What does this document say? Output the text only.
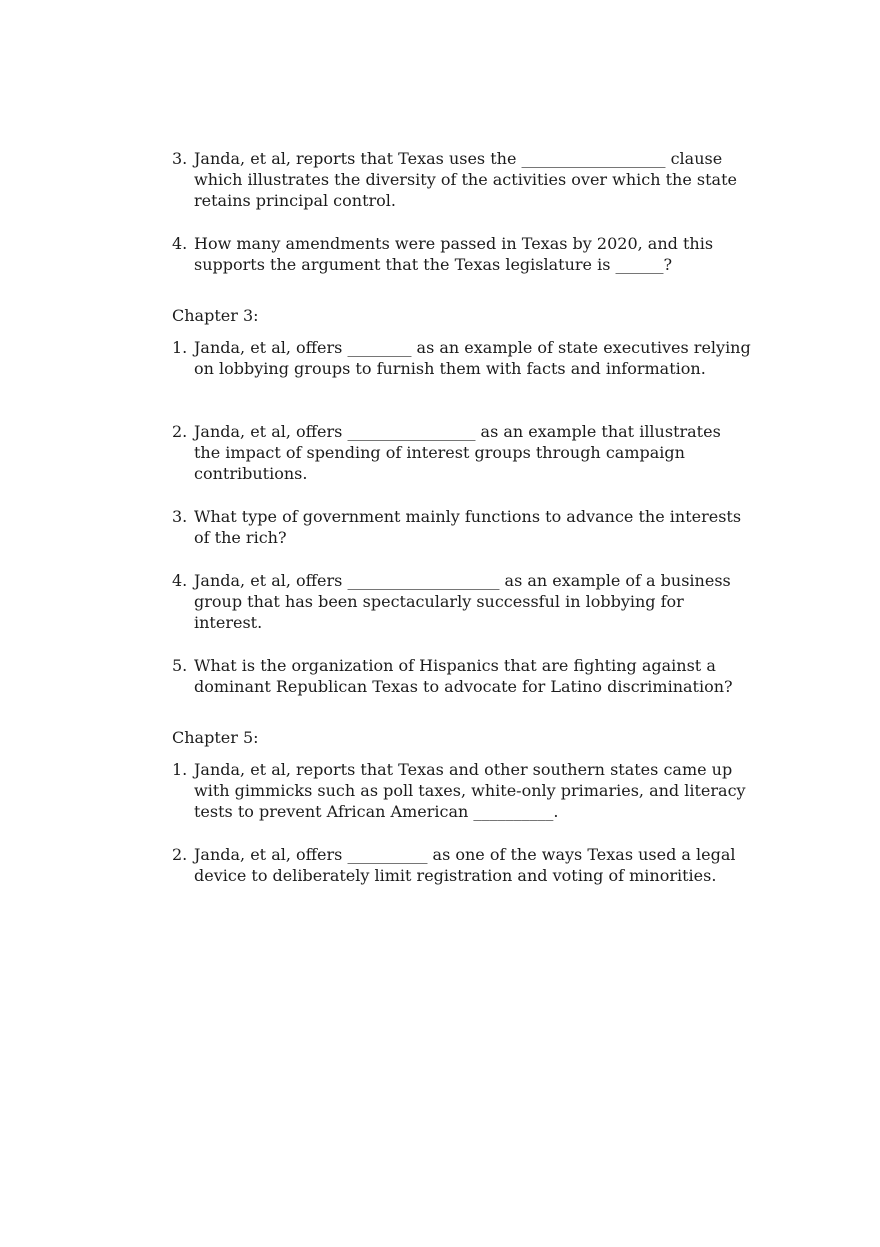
3. Janda, et al, reports that Texas uses the __________________ clause which illustrates the diversity of the activities over which the state retains principal control.
4. How many amendments were passed in Texas by 2020, and this supports the argument that the Texas legislature is ______?
Chapter 3:
1. Janda, et al, offers ________ as an example of state executives relying on lobbying groups to furnish them with facts and information.
2. Janda, et al, offers ________________ as an example that illustrates the impact of spending of interest groups through campaign contributions.
3. What type of government mainly functions to advance the interests of the rich?
4. Janda, et al, offers ___________________ as an example of a business group that has been spectacularly successful in lobbying for interest.
5. What is the organization of Hispanics that are fighting against a dominant Republican Texas to advocate for Latino discrimination?
Chapter 5:
1. Janda, et al, reports that Texas and other southern states came up with gimmicks such as poll taxes, white-only primaries, and literacy tests to prevent African American __________.
2. Janda, et al, offers __________ as one of the ways Texas used a legal device to deliberately limit registration and voting of minorities.
